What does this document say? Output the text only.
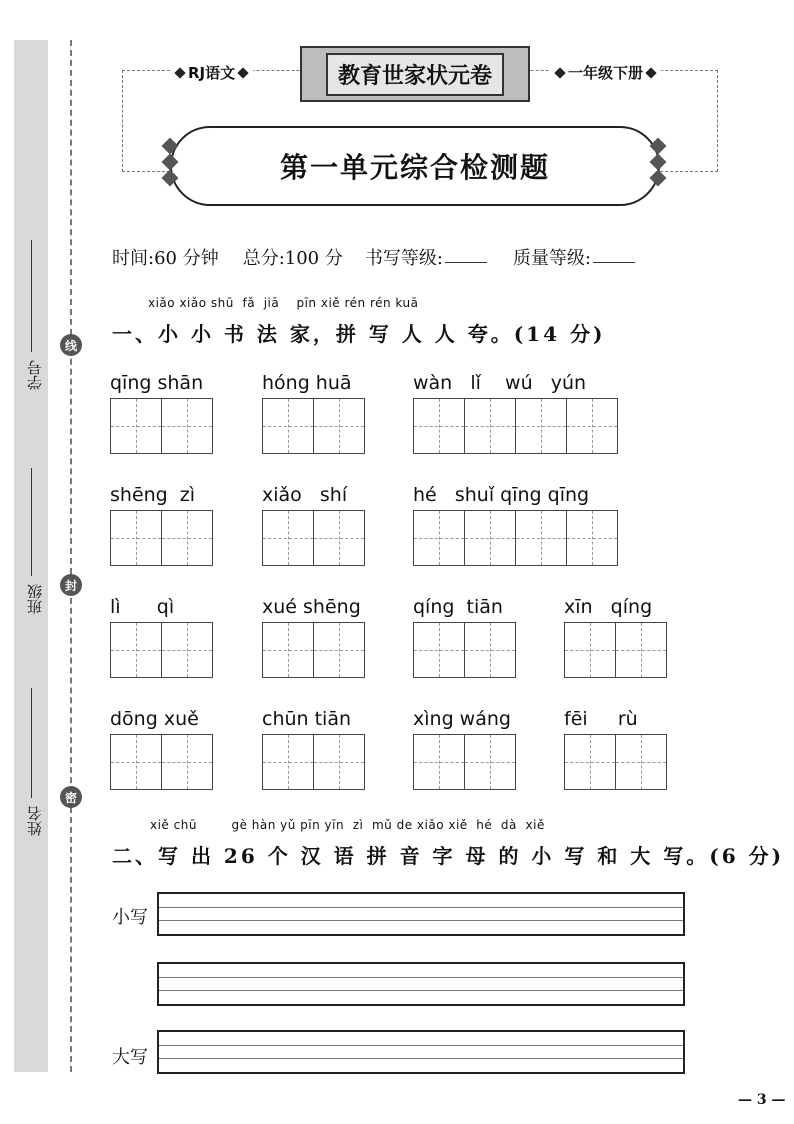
学号
班级
姓名
线
封
密
RJ语文	一年级下册
教育世家状元卷
第一单元综合检测题
时间:60 分钟 总分:100 分 书写等级:	质量等级:
xiǎo xiǎo shū  fǎ  jiā    pīn xiě rén rén kuā
一、小 小 书 法 家，拼 写 人 人 夸。(14 分)
qīng shān	hóng huā	wàn   lǐ    wú   yún
shēng  zì	xiǎo   shí	hé   shuǐ qīng qīng
lì      qì	xué shēng	qíng  tiān	xīn   qíng
dōng xuě	chūn tiān	xìng wáng	fēi     rù
xiě chū        gè hàn yǔ pīn yīn  zì  mǔ de xiǎo xiě  hé  dà  xiě
二、写 出 26 个 汉 语 拼 音 字 母 的 小 写 和 大 写。(6 分)
小写
大写
— 3 —
